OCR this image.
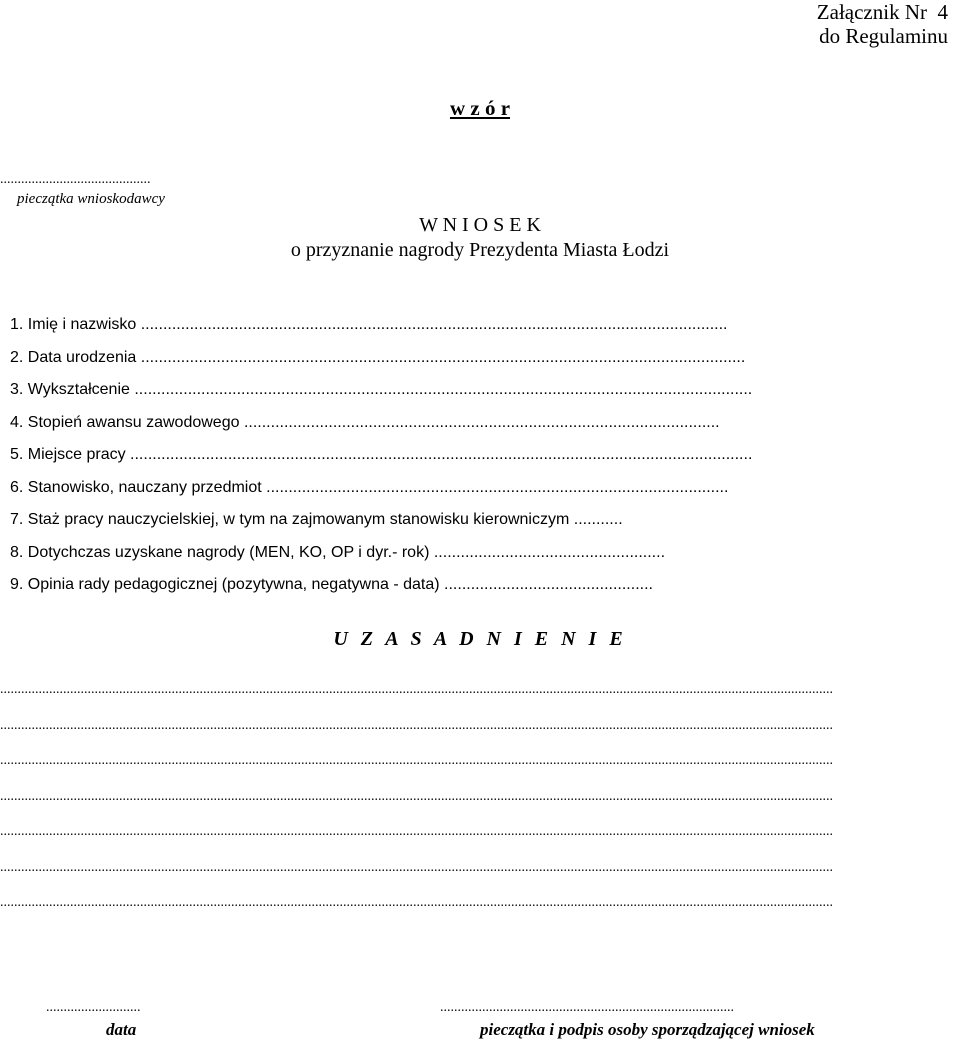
Załącznik Nr  4
do Regulaminu
w z ó r
...........................................
pieczątka wnioskodawcy
W N I O S E K
o przyznanie nagrody Prezydenta Miasta Łodzi
1. Imię i nazwisko ....................................................................................................................................
2. Data urodzenia ........................................................................................................................................
3. Wykształcenie ...........................................................................................................................................
4. Stopień awansu zawodowego ...........................................................................................................
5. Miejsce pracy ............................................................................................................................................
6. Stanowisko, nauczany przedmiot ........................................................................................................
7. Staż pracy nauczycielskiej, w tym na zajmowanym stanowisku kierowniczym ...........
8. Dotychczas uzyskane nagrody (MEN, KO, OP i dyr.- rok) ....................................................
9. Opinia rady pedagogicznej (pozytywna, negatywna - data) ...............................................
U Z A S A D N I E N I E
..............................................................................................................................................................................................................................................
..............................................................................................................................................................................................................................................
..............................................................................................................................................................................................................................................
..............................................................................................................................................................................................................................................
..............................................................................................................................................................................................................................................
..............................................................................................................................................................................................................................................
..............................................................................................................................................................................................................................................
...........................	....................................................................................
data	pieczątka i podpis osoby sporządzającej wniosek
